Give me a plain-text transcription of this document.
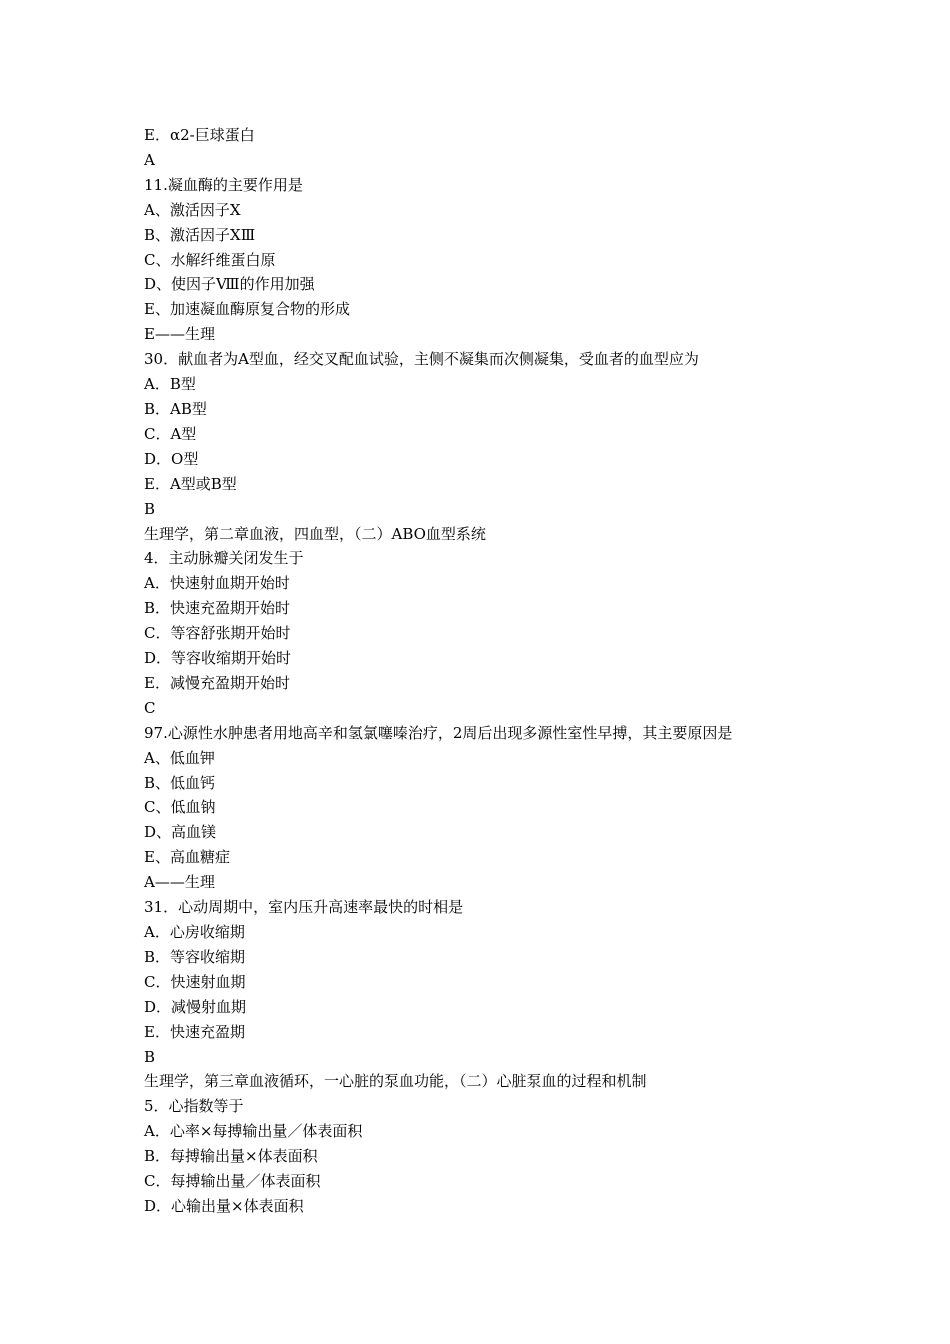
E．α2-巨球蛋白

A

11.凝血酶的主要作用是

A、激活因子Ⅹ

B、激活因子ⅩⅢ

C、水解纤维蛋白原

D、使因子Ⅷ的作用加强

E、加速凝血酶原复合物的形成

E——生理

30．献血者为A型血，经交叉配血试验，主侧不凝集而次侧凝集，受血者的血型应为

A．B型

B．AB型

C．A型

D．O型

E．A型或B型

B

生理学，第二章血液，四血型，（二）ABO血型系统

4．主动脉瓣关闭发生于

A．快速射血期开始时

B．快速充盈期开始时

C．等容舒张期开始时

D．等容收缩期开始时

E．减慢充盈期开始时

C

97.心源性水肿患者用地高辛和氢氯噻嗪治疗，2周后出现多源性室性早搏，其主要原因是

A、低血钾

B、低血钙

C、低血钠

D、高血镁

E、高血糖症

A——生理

31．心动周期中，室内压升高速率最快的时相是

A．心房收缩期

B．等容收缩期

C．快速射血期

D．减慢射血期

E．快速充盈期

B

生理学，第三章血液循环，一心脏的泵血功能，（二）心脏泵血的过程和机制

5．心指数等于

A．心率×每搏输出量／体表面积

B．每搏输出量×体表面积

C．每搏输出量／体表面积

D．心输出量×体表面积
